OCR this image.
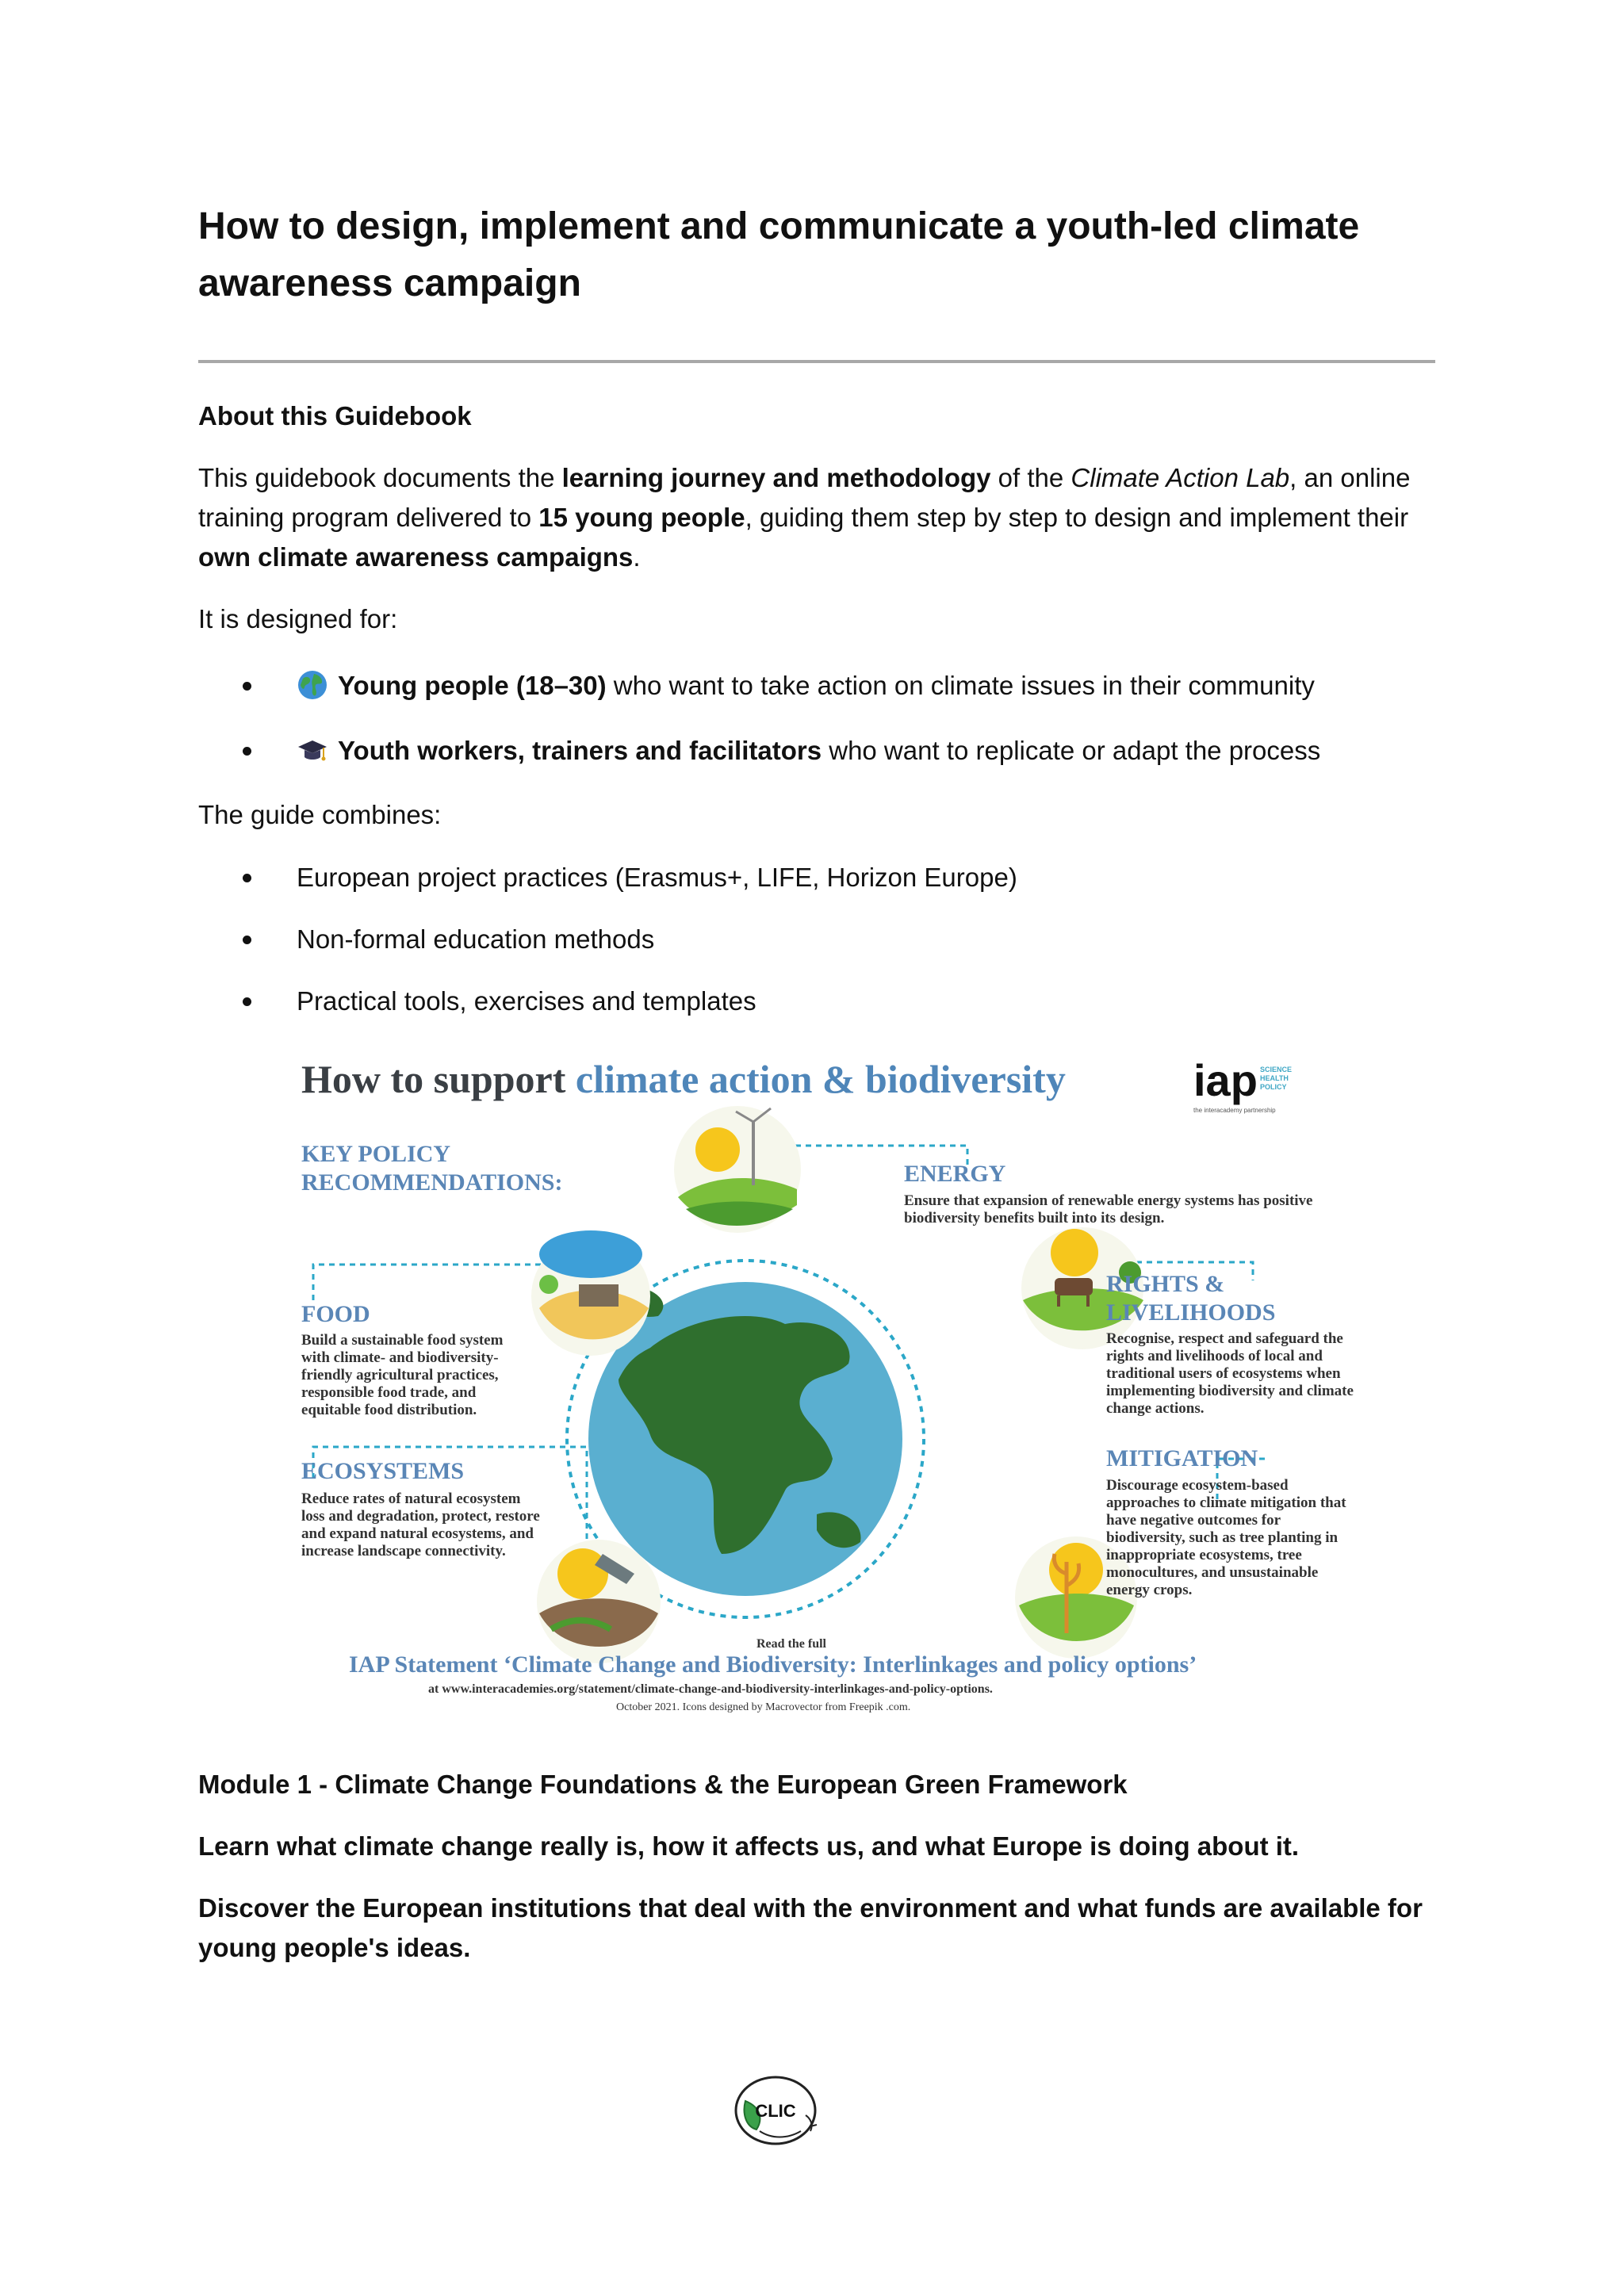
How to design, implement and communicate a youth-led climate awareness campaign
About this Guidebook

This guidebook documents the learning journey and methodology of the Climate Action Lab, an online training program delivered to 15 young people, guiding them step by step to design and implement their own climate awareness campaigns.

It is designed for:
Young people (18–30) who want to take action on climate issues in their community
Youth workers, trainers and facilitators who want to replicate or adapt the process
The guide combines:
European project practices (Erasmus+, LIFE, Horizon Europe)
Non-formal education methods
Practical tools, exercises and templates
How to support climate action & biodiversity	iap SCIENCE
HEALTH
POLICY
the interacademy partnership
KEY POLICY
RECOMMENDATIONS:	ENERGY
Ensure that expansion of renewable energy systems has positive biodiversity benefits built into its design.
FOOD
Build a sustainable food system with climate- and biodiversity-friendly agricultural practices, responsible food trade, and equitable food distribution.
RIGHTS & LIVELIHOODS
Recognise, respect and safeguard the rights and livelihoods of local and traditional users of ecosystems when implementing biodiversity and climate change actions.
ECOSYSTEMS
Reduce rates of natural ecosystem loss and degradation, protect, restore and expand natural ecosystems, and increase landscape connectivity.
MITIGATION
Discourage ecosystem-based approaches to climate mitigation that have negative outcomes for biodiversity, such as tree planting in inappropriate ecosystems, tree monocultures, and unsustainable energy crops.
Read the full
IAP Statement ‘Climate Change and Biodiversity: Interlinkages and policy options’
at www.interacademies.org/statement/climate-change-and-biodiversity-interlinkages-and-policy-options.
October 2021. Icons designed by Macrovector from Freepik .com.
Module 1 - Climate Change Foundations & the European Green Framework
Learn what climate change really is, how it affects us, and what Europe is doing about it.
Discover the European institutions that deal with the environment and what funds are available for young people's ideas.
CLIC
